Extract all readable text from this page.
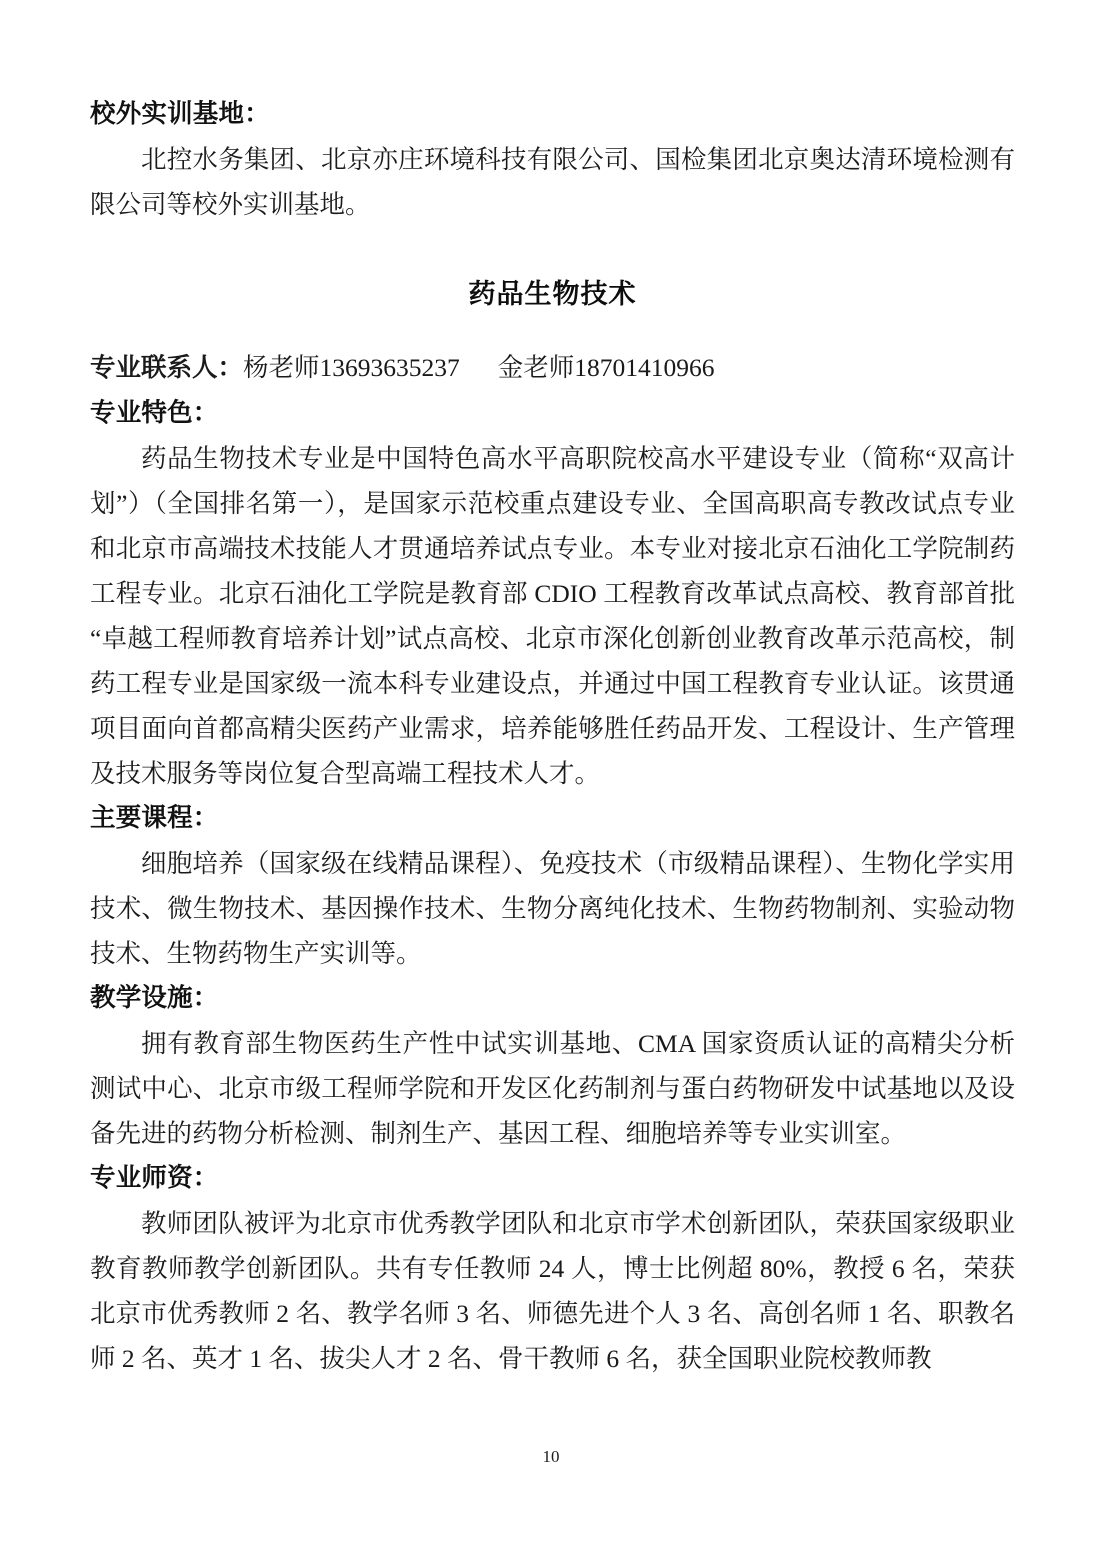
校外实训基地：

北控水务集团、北京亦庄环境科技有限公司、国检集团北京奥达清环境检测有限公司等校外实训基地。

药品生物技术

专业联系人：杨老师13693635237 金老师18701410966

专业特色：

药品生物技术专业是中国特色高水平高职院校高水平建设专业（简称“双高计划”）（全国排名第一），是国家示范校重点建设专业、全国高职高专教改试点专业和北京市高端技术技能人才贯通培养试点专业。本专业对接北京石油化工学院制药工程专业。北京石油化工学院是教育部 CDIO 工程教育改革试点高校、教育部首批“卓越工程师教育培养计划”试点高校、北京市深化创新创业教育改革示范高校，制药工程专业是国家级一流本科专业建设点，并通过中国工程教育专业认证。该贯通项目面向首都高精尖医药产业需求，培养能够胜任药品开发、工程设计、生产管理及技术服务等岗位复合型高端工程技术人才。

主要课程：

细胞培养（国家级在线精品课程）、免疫技术（市级精品课程）、生物化学实用技术、微生物技术、基因操作技术、生物分离纯化技术、生物药物制剂、实验动物技术、生物药物生产实训等。

教学设施：

拥有教育部生物医药生产性中试实训基地、CMA 国家资质认证的高精尖分析测试中心、北京市级工程师学院和开发区化药制剂与蛋白药物研发中试基地以及设备先进的药物分析检测、制剂生产、基因工程、细胞培养等专业实训室。

专业师资：

教师团队被评为北京市优秀教学团队和北京市学术创新团队，荣获国家级职业教育教师教学创新团队。共有专任教师 24 人，博士比例超 80%，教授 6 名，荣获北京市优秀教师 2 名、教学名师 3 名、师德先进个人 3 名、高创名师 1 名、职教名师 2 名、英才 1 名、拔尖人才 2 名、骨干教师 6 名，获全国职业院校教师教

10
